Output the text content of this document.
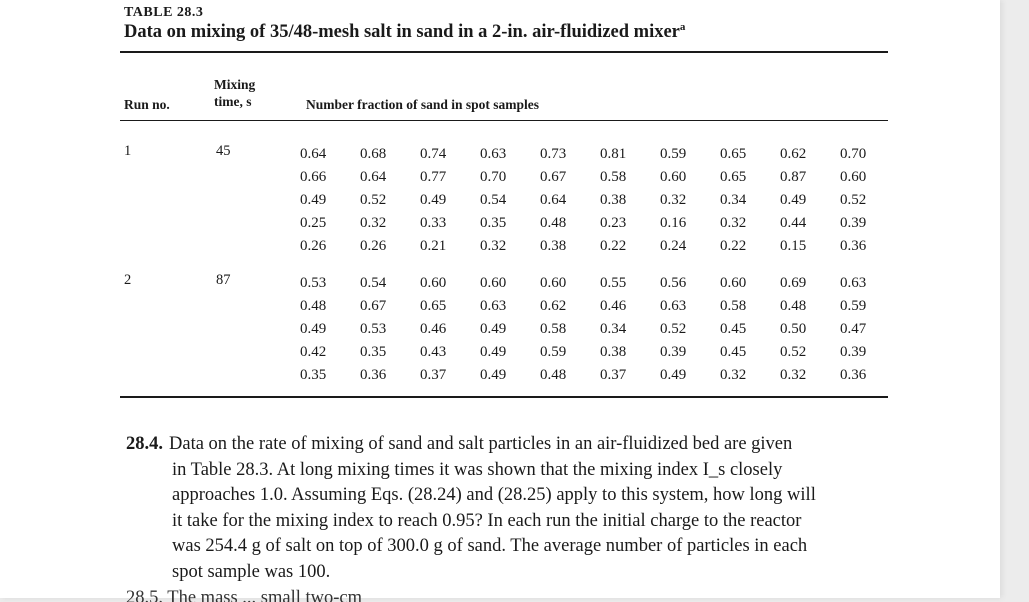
TABLE 28.3
Data on mixing of 35/48-mesh salt in sand in a 2-in. air-fluidized mixer$^a$
Run no.
Mixing
time, s	Number fraction of sand in spot samples
1	45	0.64 0.68 0.74 0.63 0.73 0.81 0.59 0.65 0.62 0.70
0.66 0.64 0.77 0.70 0.67 0.58 0.60 0.65 0.87 0.60
0.49 0.52 0.49 0.54 0.64 0.38 0.32 0.34 0.49 0.52
0.25 0.32 0.33 0.35 0.48 0.23 0.16 0.32 0.44 0.39
0.26 0.26 0.21 0.32 0.38 0.22 0.24 0.22 0.15 0.36
2	87	0.53 0.54 0.60 0.60 0.60 0.55 0.56 0.60 0.69 0.63
0.48 0.67 0.65 0.63 0.62 0.46 0.63 0.58 0.48 0.59
0.49 0.53 0.46 0.49 0.58 0.34 0.52 0.45 0.50 0.47
0.42 0.35 0.43 0.49 0.59 0.38 0.39 0.45 0.52 0.39
0.35 0.36 0.37 0.49 0.48 0.37 0.49 0.32 0.32 0.36
28.4. Data on the rate of mixing of sand and salt particles in an air-fluidized bed are given
in Table 28.3. At long mixing times it was shown that the mixing index I_s closely
approaches 1.0. Assuming Eqs. (28.24) and (28.25) apply to this system, how long will
it take for the mixing index to reach 0.95? In each run the initial charge to the reactor
was 254.4 g of salt on top of 300.0 g of sand. The average number of particles in each
spot sample was 100.
28.5. The mass ... small two-cm
